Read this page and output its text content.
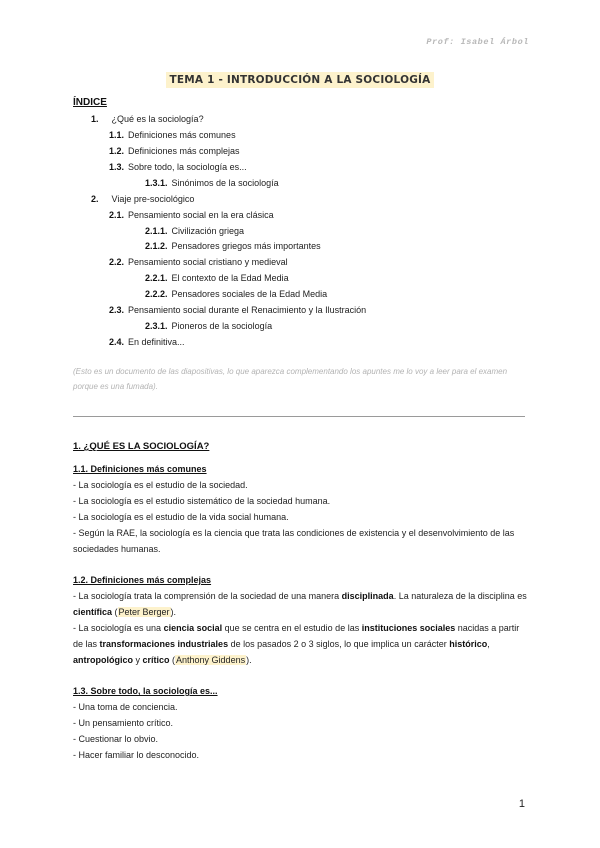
Prof: Isabel Árbol
TEMA 1 - INTRODUCCIÓN A LA SOCIOLOGÍA
ÍNDICE
1. ¿Qué es la sociología?
1.1. Definiciones más comunes
1.2. Definiciones más complejas
1.3. Sobre todo, la sociología es...
1.3.1. Sinónimos de la sociología
2. Viaje pre-sociológico
2.1. Pensamiento social en la era clásica
2.1.1. Civilización griega
2.1.2. Pensadores griegos más importantes
2.2. Pensamiento social cristiano y medieval
2.2.1. El contexto de la Edad Media
2.2.2. Pensadores sociales de la Edad Media
2.3. Pensamiento social durante el Renacimiento y la Ilustración
2.3.1. Pioneros de la sociología
2.4. En definitiva...
(Esto es un documento de las diapositivas, lo que aparezca complementando los apuntes me lo voy a leer para el examen porque es una fumada).
1. ¿QUÉ ES LA SOCIOLOGÍA?
1.1. Definiciones más comunes
- La sociología es el estudio de la sociedad.
- La sociología es el estudio sistemático de la sociedad humana.
- La sociología es el estudio de la vida social humana.
- Según la RAE, la sociología es la ciencia que trata las condiciones de existencia y el desenvolvimiento de las sociedades humanas.
1.2. Definiciones más complejas
- La sociología trata la comprensión de la sociedad de una manera disciplinada. La naturaleza de la disciplina es científica (Peter Berger).
- La sociología es una ciencia social que se centra en el estudio de las instituciones sociales nacidas a partir de las transformaciones industriales de los pasados 2 o 3 siglos, lo que implica un carácter histórico, antropológico y crítico (Anthony Giddens).
1.3. Sobre todo, la sociología es...
- Una toma de conciencia.
- Un pensamiento crítico.
- Cuestionar lo obvio.
- Hacer familiar lo desconocido.
1
